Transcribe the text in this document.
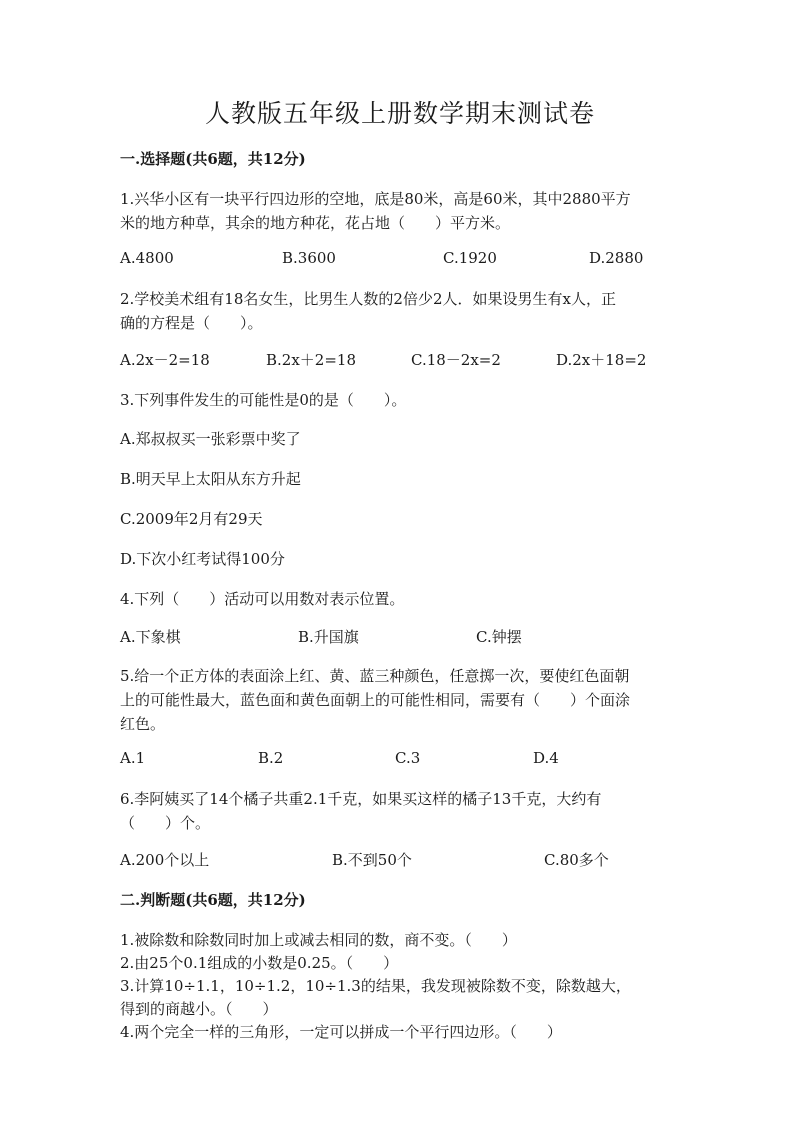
人教版五年级上册数学期末测试卷
一.选择题(共6题，共12分)
1.兴华小区有一块平行四边形的空地，底是80米，高是60米，其中2880平方
米的地方种草，其余的地方种花，花占地（　　）平方米。
A.4800	B.3600	C.1920	D.2880
2.学校美术组有18名女生，比男生人数的2倍少2人．如果设男生有x人，正
确的方程是（　　）。
A.2x－2=18	B.2x＋2=18	C.18－2x=2	D.2x＋18=2
3.下列事件发生的可能性是0的是（　　）。
A.郑叔叔买一张彩票中奖了
B.明天早上太阳从东方升起
C.2009年2月有29天
D.下次小红考试得100分
4.下列（　　）活动可以用数对表示位置。
A.下象棋	B.升国旗	C.钟摆
5.给一个正方体的表面涂上红、黄、蓝三种颜色，任意掷一次，要使红色面朝
上的可能性最大，蓝色面和黄色面朝上的可能性相同，需要有（　　）个面涂
红色。
A.1	B.2	C.3	D.4
6.李阿姨买了14个橘子共重2.1千克，如果买这样的橘子13千克，大约有
（　　）个。
A.200个以上	B.不到50个	C.80多个
二.判断题(共6题，共12分)
1.被除数和除数同时加上或减去相同的数，商不变。（　　）
2.由25个0.1组成的小数是0.25。（　　）
3.计算10÷1.1，10÷1.2，10÷1.3的结果，我发现被除数不变，除数越大，
得到的商越小。（　　）
4.两个完全一样的三角形，一定可以拼成一个平行四边形。（　　）
